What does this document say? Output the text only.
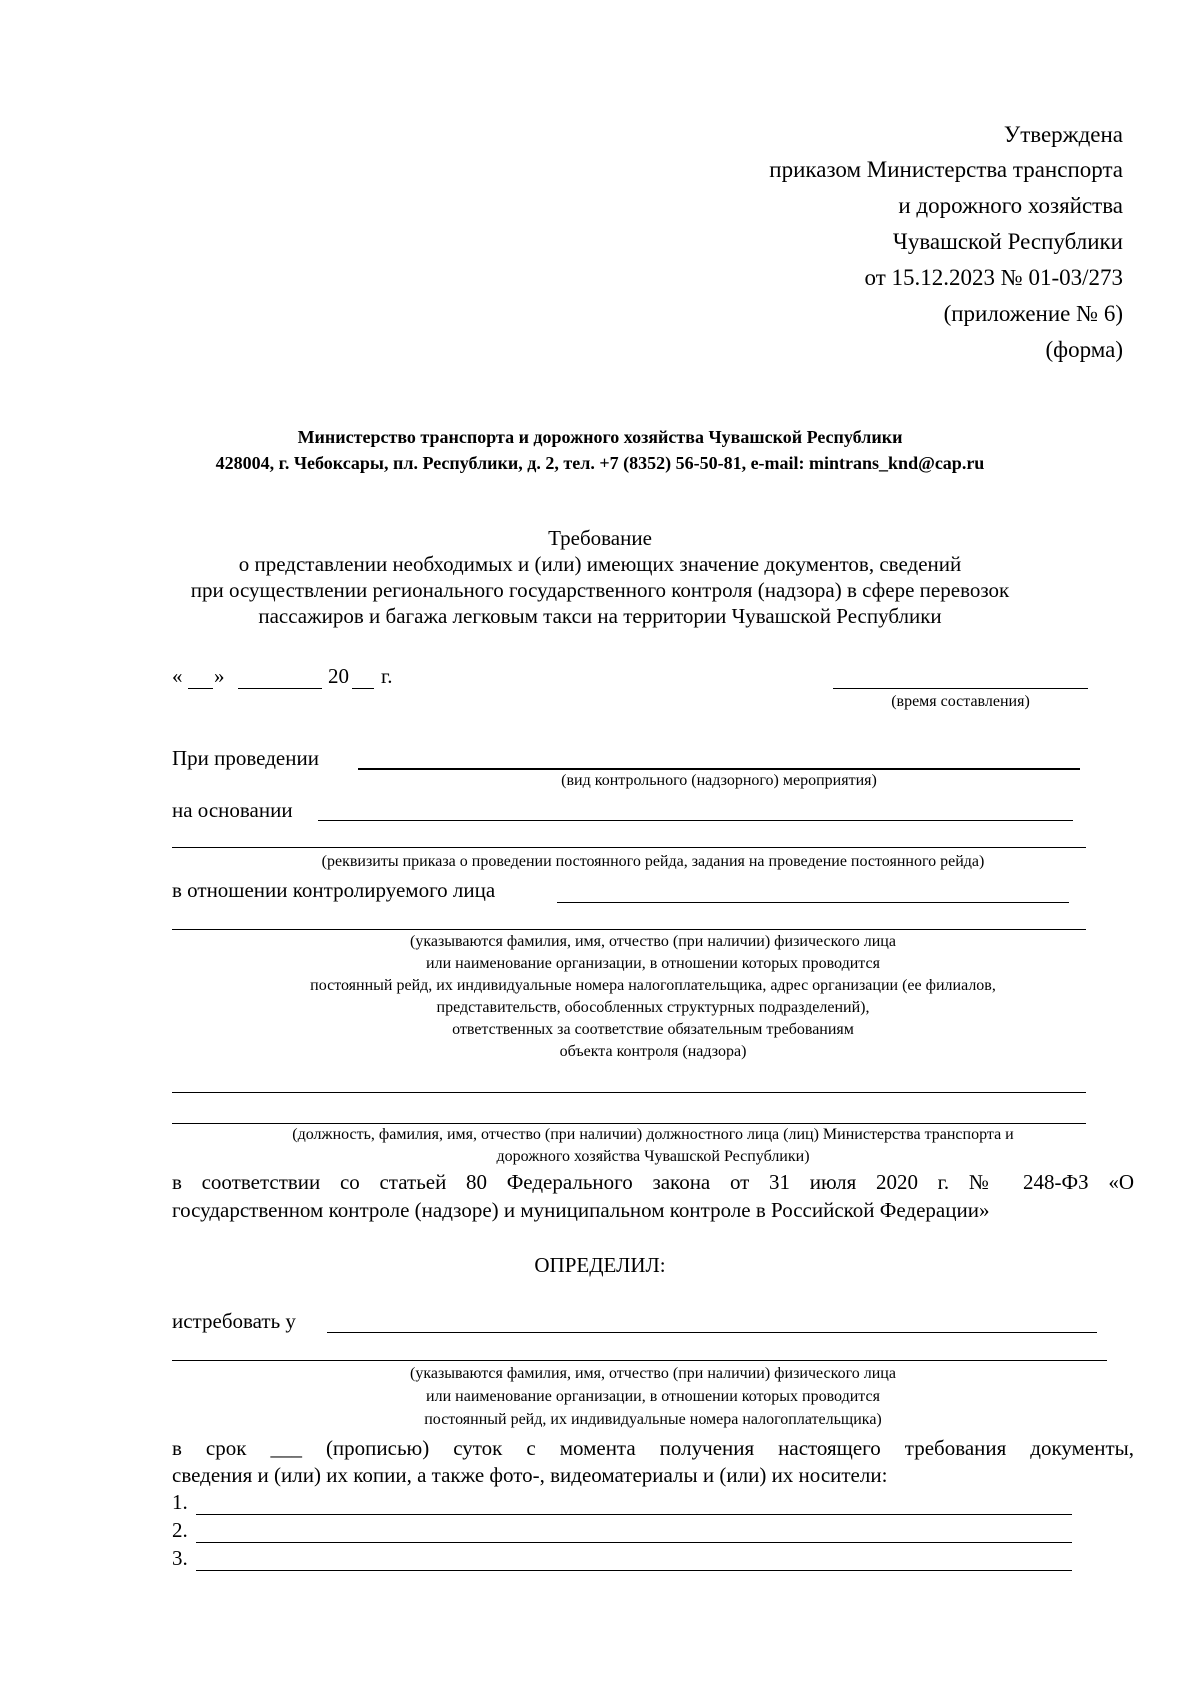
Утверждена
приказом Министерства транспорта
и дорожного хозяйства
Чувашской Республики
от 15.12.2023 № 01-03/273
(приложение № 6)
(форма)
Министерство транспорта и дорожного хозяйства Чувашской Республики
428004, г. Чебоксары, пл. Республики, д. 2, тел. +7 (8352) 56-50-81, e-mail: mintrans_knd@cap.ru
Требование
о представлении необходимых и (или) имеющих значение документов, сведений
при осуществлении регионального государственного контроля (надзора) в сфере перевозок
пассажиров и багажа легковым такси на территории Чувашской Республики
« »	20 г.
(время составления)
При проведении
(вид контрольного (надзорного) мероприятия)
на основании
(реквизиты приказа о проведении постоянного рейда, задания на проведение постоянного рейда)
в отношении контролируемого лица
(указываются фамилия, имя, отчество (при наличии) физического лица
или наименование организации, в отношении которых проводится
постоянный рейд, их индивидуальные номера налогоплательщика, адрес организации (ее филиалов,
представительств, обособленных структурных подразделений),
ответственных за соответствие обязательным требованиям
объекта контроля (надзора)
(должность, фамилия, имя, отчество (при наличии) должностного лица (лиц) Министерства транспорта и
дорожного хозяйства Чувашской Республики)
в соответствии со статьей 80 Федерального закона от 31 июля 2020 г. № 248-ФЗ «О
государственном контроле (надзоре) и муниципальном контроле в Российской Федерации»
ОПРЕДЕЛИЛ:
истребовать у
(указываются фамилия, имя, отчество (при наличии) физического лица
или наименование организации, в отношении которых проводится
постоянный рейд, их индивидуальные номера налогоплательщика)
в срок ___ (прописью) суток с момента получения настоящего требования документы,
сведения и (или) их копии, а также фото-, видеоматериалы и (или) их носители:
1.
2.
3.
